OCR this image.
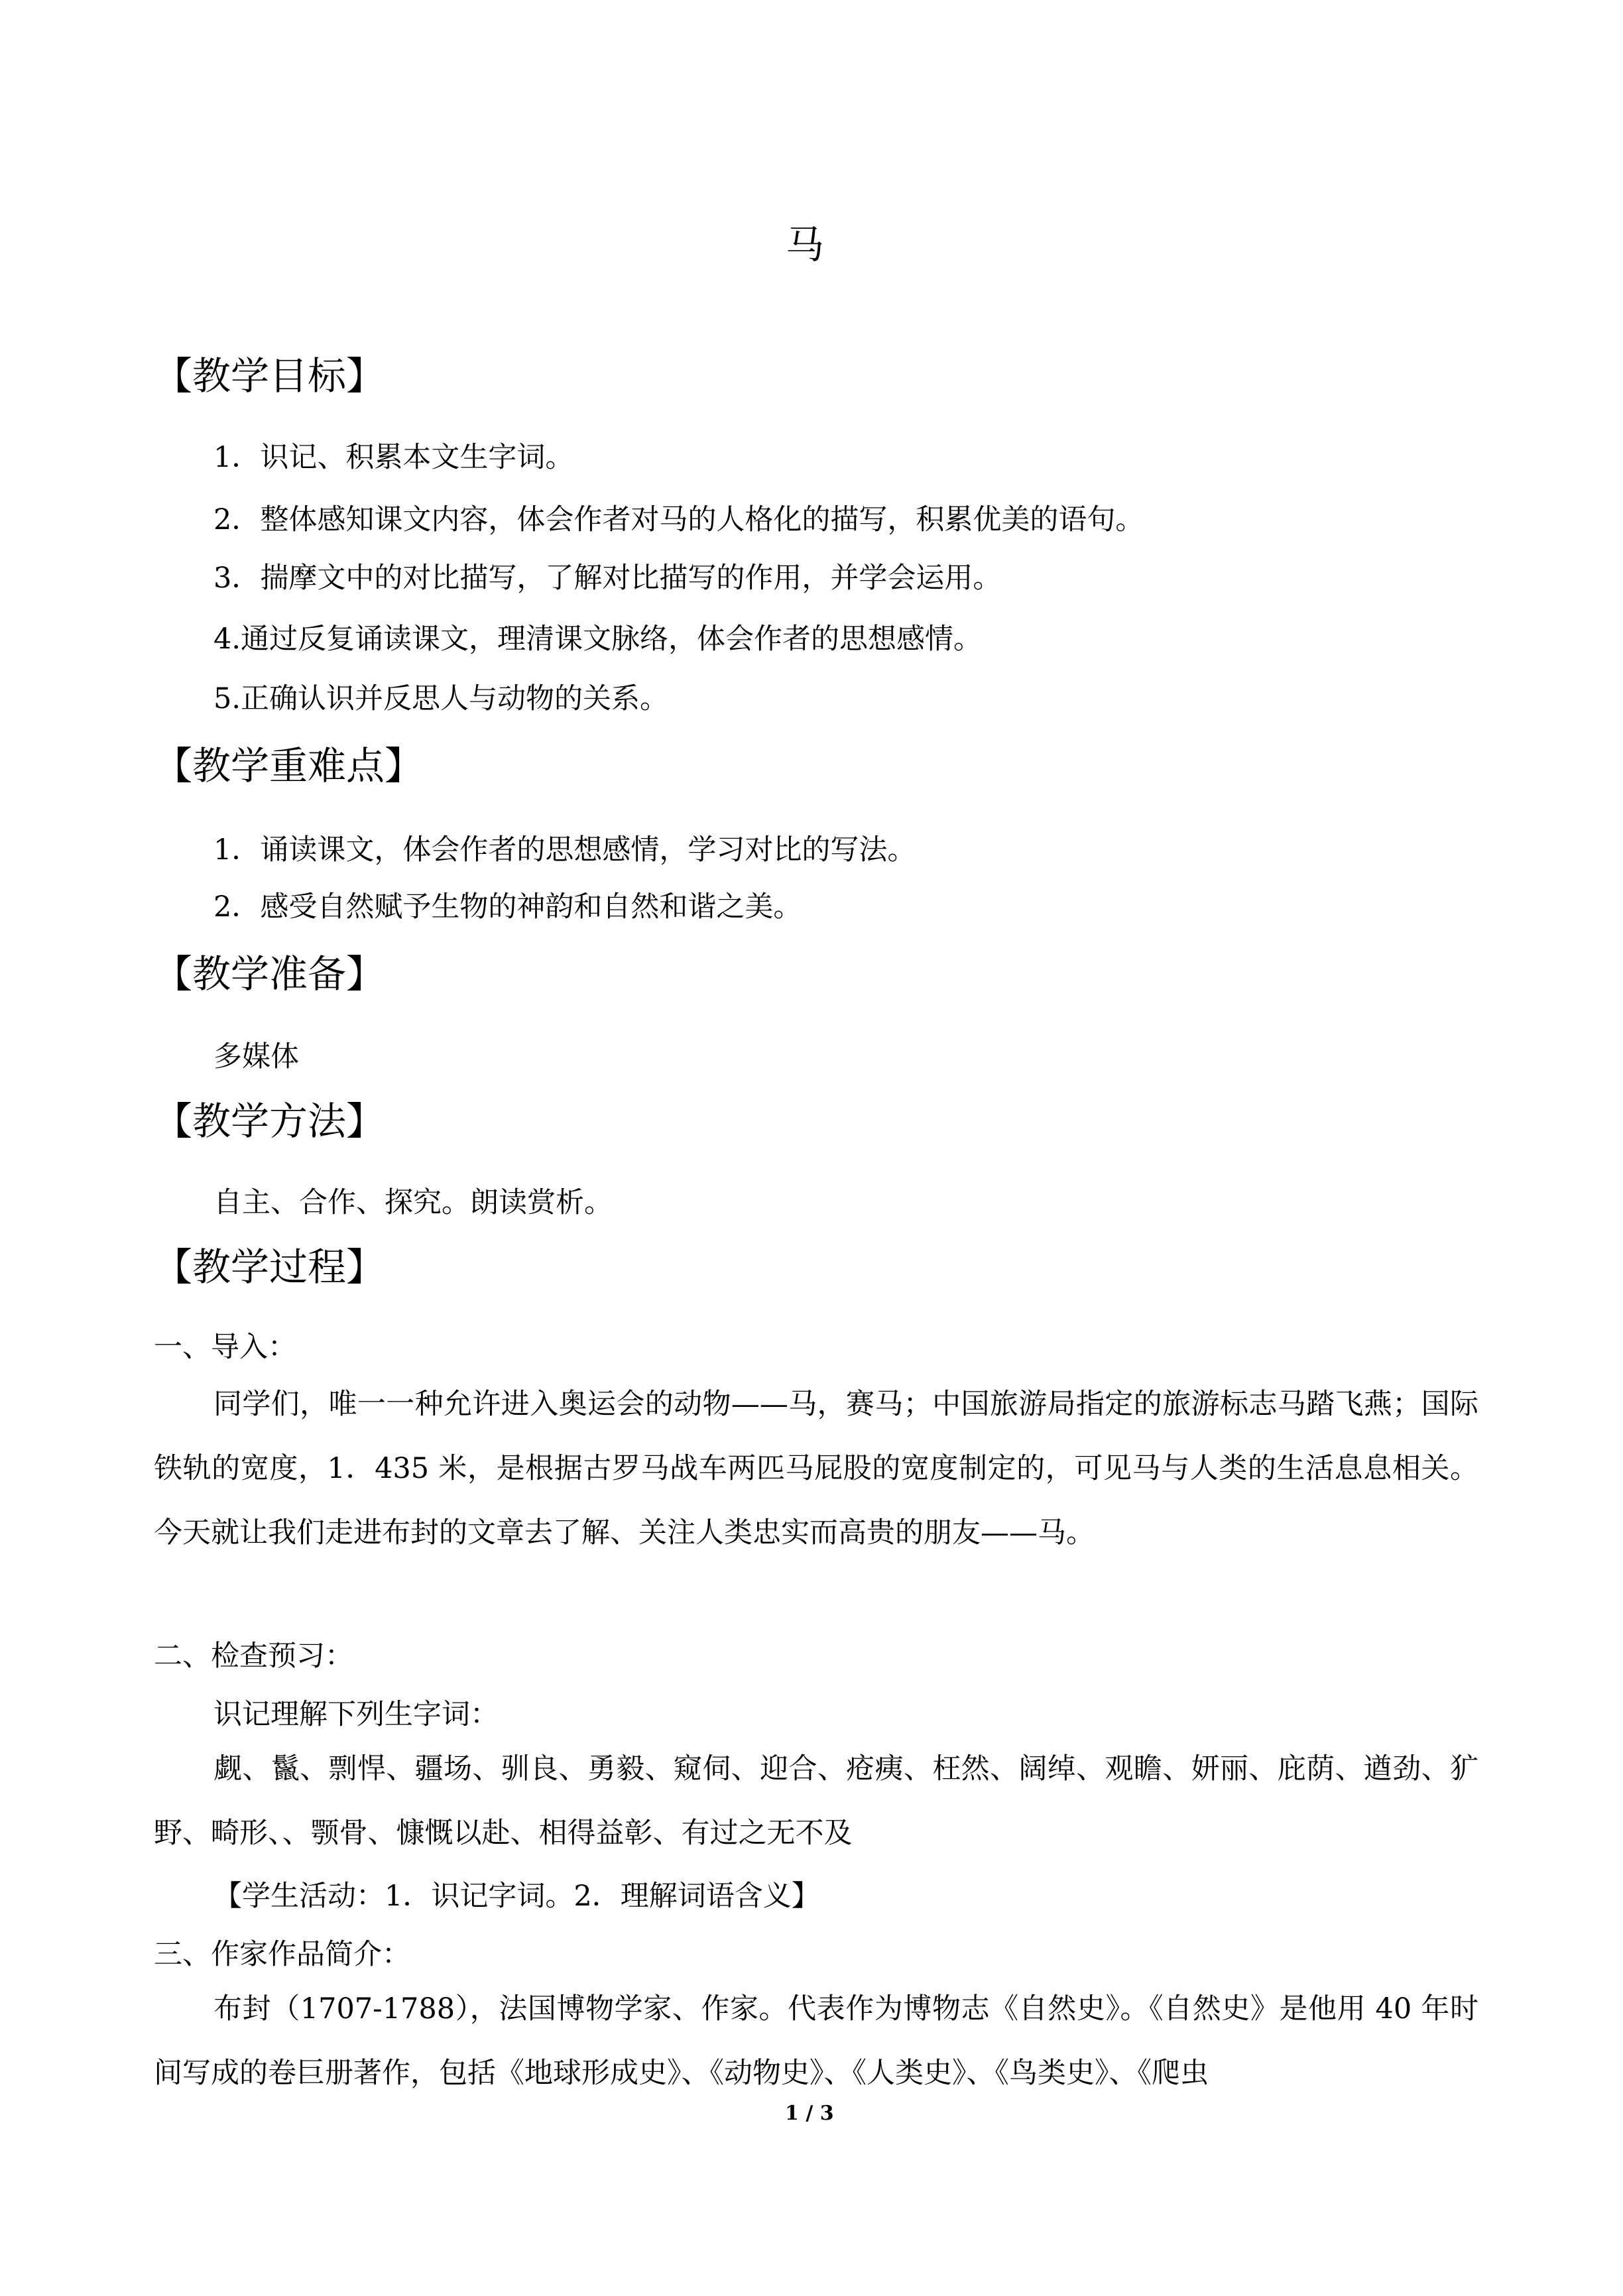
马
【教学目标】
1．识记、积累本文生字词。
2．整体感知课文内容，体会作者对马的人格化的描写，积累优美的语句。
3．揣摩文中的对比描写，了解对比描写的作用，并学会运用。
4.通过反复诵读课文，理清课文脉络，体会作者的思想感情。
5.正确认识并反思人与动物的关系。
【教学重难点】
1．诵读课文，体会作者的思想感情，学习对比的写法。
2．感受自然赋予生物的神韵和自然和谐之美。
【教学准备】
多媒体
【教学方法】
自主、合作、探究。朗读赏析。
【教学过程】
一、导入：
同学们，唯一一种允许进入奥运会的动物——马，赛马；中国旅游局指定的旅游标志马踏飞燕；国际铁轨的宽度，1．435 米，是根据古罗马战车两匹马屁股的宽度制定的，可见马与人类的生活息息相关。今天就让我们走进布封的文章去了解、关注人类忠实而高贵的朋友——马。
二、检查预习：
识记理解下列生字词：
觑、鬣、剽悍、疆场、驯良、勇毅、窥伺、迎合、疮痍、枉然、阔绰、观瞻、妍丽、庇荫、遒劲、犷野、畸形、、颚骨、慷慨以赴、相得益彰、有过之无不及
【学生活动：1．识记字词。2．理解词语含义】
三、作家作品简介：
布封（1707-1788），法国博物学家、作家。代表作为博物志《自然史》。《自然史》是他用 40 年时间写成的卷巨册著作，包括《地球形成史》、《动物史》、《人类史》、《鸟类史》、《爬虫
1 / 3
